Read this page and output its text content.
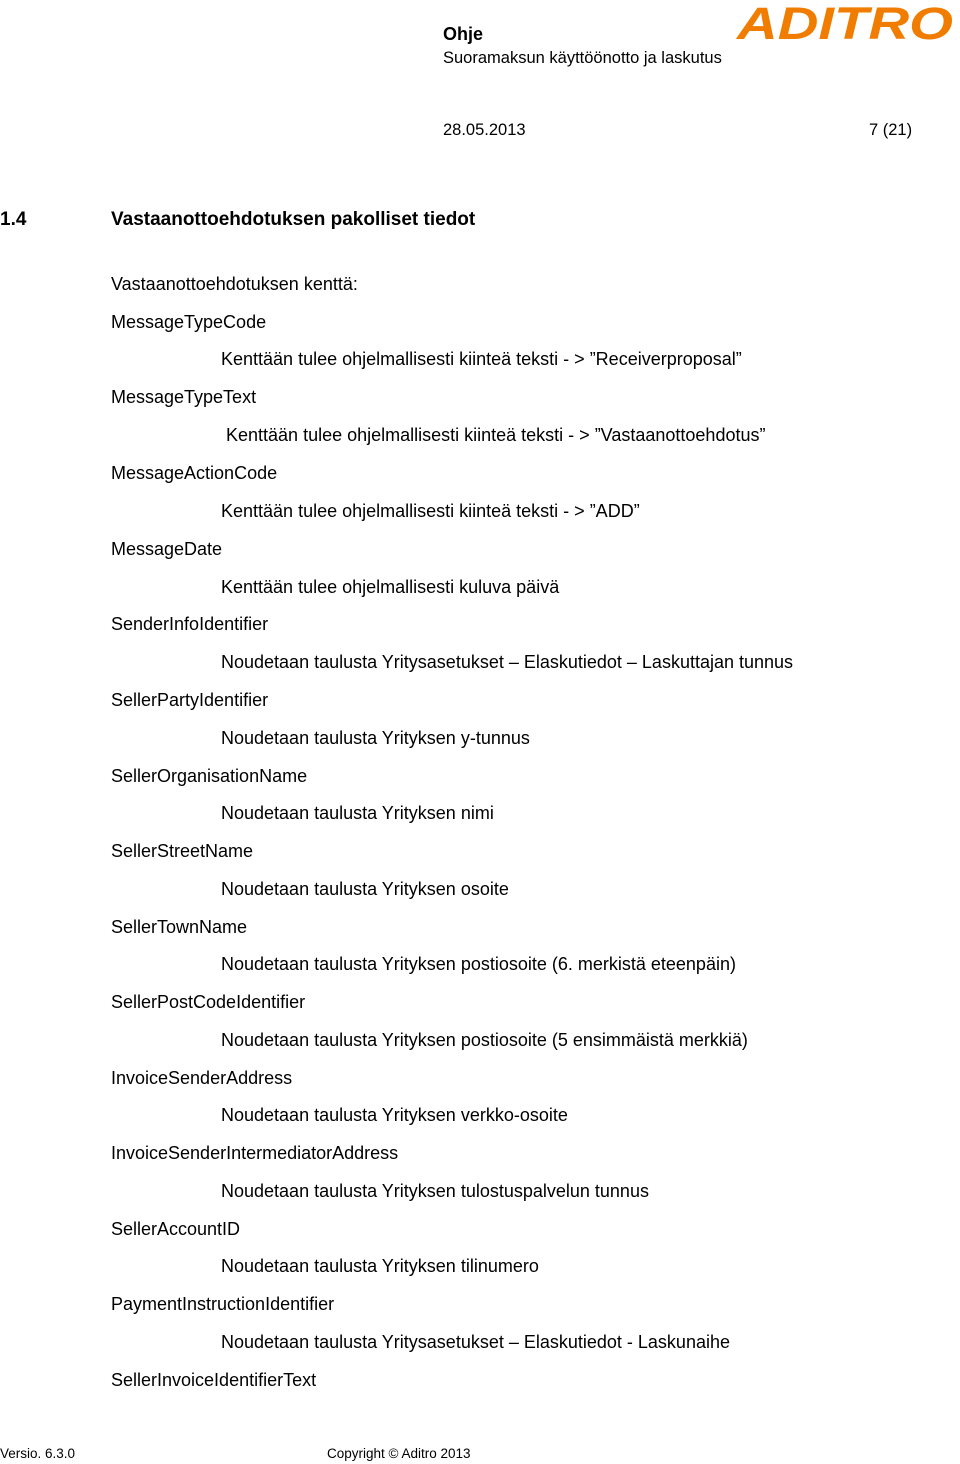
Ohje
Suoramaksun käyttöönotto ja laskutus
28.05.2013	7 (21)
ADITRO
1.4	Vastaanottoehdotuksen pakolliset tiedot
Vastaanottoehdotuksen kenttä:
MessageTypeCode
Kenttään tulee ohjelmallisesti kiinteä teksti - > ”Receiverproposal”
MessageTypeText
Kenttään tulee ohjelmallisesti kiinteä teksti - > ”Vastaanottoehdotus”
MessageActionCode
Kenttään tulee ohjelmallisesti kiinteä teksti - > ”ADD”
MessageDate
Kenttään tulee ohjelmallisesti kuluva päivä
SenderInfoIdentifier
Noudetaan taulusta Yritysasetukset – Elaskutiedot – Laskuttajan tunnus
SellerPartyIdentifier
Noudetaan taulusta Yrityksen y-tunnus
SellerOrganisationName
Noudetaan taulusta Yrityksen nimi
SellerStreetName
Noudetaan taulusta Yrityksen osoite
SellerTownName
Noudetaan taulusta Yrityksen postiosoite (6. merkistä eteenpäin)
SellerPostCodeIdentifier
Noudetaan taulusta Yrityksen postiosoite (5 ensimmäistä merkkiä)
InvoiceSenderAddress
Noudetaan taulusta Yrityksen verkko-osoite
InvoiceSenderIntermediatorAddress
Noudetaan taulusta Yrityksen tulostuspalvelun tunnus
SellerAccountID
Noudetaan taulusta Yrityksen tilinumero
PaymentInstructionIdentifier
Noudetaan taulusta Yritysasetukset – Elaskutiedot - Laskunaihe
SellerInvoiceIdentifierText
Versio. 6.3.0	Copyright © Aditro 2013
